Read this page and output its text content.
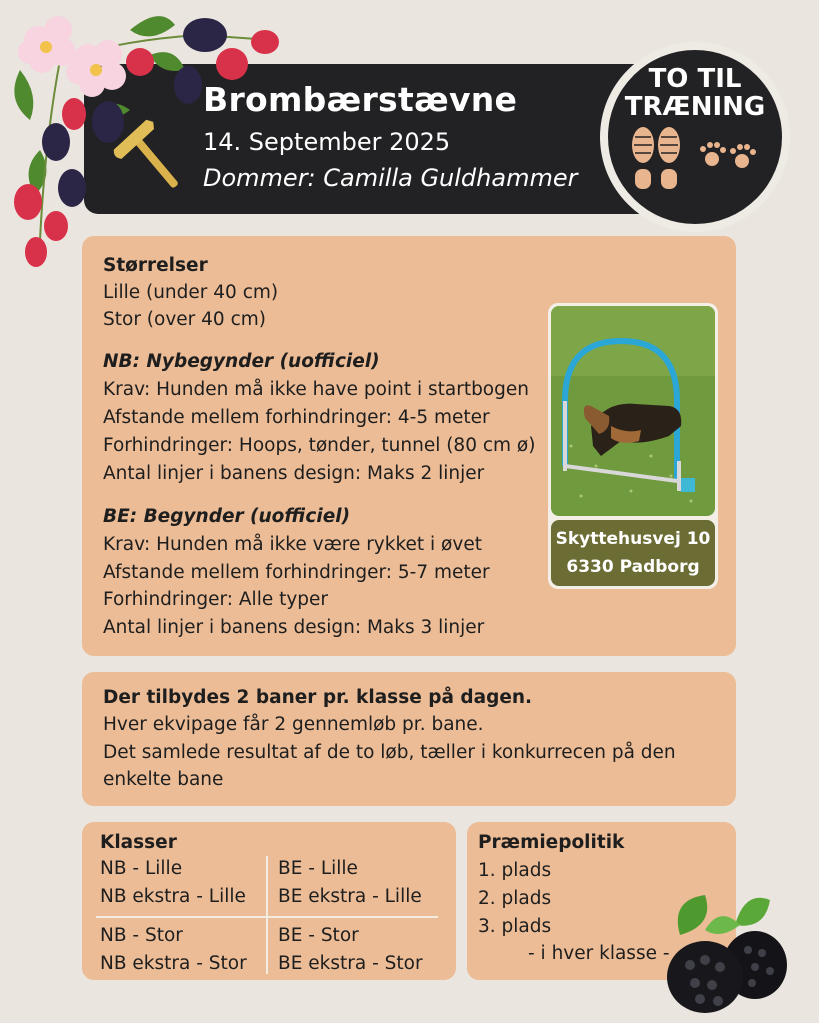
Brombærstævne
14. September 2025
Dommer: Camilla Guldhammer
TO TIL
TRÆNING
Størrelser
Lille (under 40 cm)
Stor (over 40 cm)
NB: Nybegynder (uofficiel)
Krav: Hunden må ikke have point i startbogen
Afstande mellem forhindringer: 4-5 meter
Forhindringer: Hoops, tønder, tunnel (80 cm ø)
Antal linjer i banens design: Maks 2 linjer
BE: Begynder (uofficiel)
Krav: Hunden må ikke være rykket i øvet
Afstande mellem forhindringer: 5-7 meter
Forhindringer: Alle typer
Antal linjer i banens design: Maks 3 linjer
Skyttehusvej 10
6330 Padborg
Der tilbydes 2 baner pr. klasse på dagen.
Hver ekvipage får 2 gennemløb pr. bane.
Det samlede resultat af de to løb, tæller i konkurrecen på den
enkelte bane
Klasser
NB - Lille
NB ekstra - Lille
BE - Lille
BE ekstra - Lille
NB - Stor
NB ekstra - Stor
BE - Stor
BE ekstra - Stor
Præmiepolitik
1. plads
2. plads
3. plads
- i hver klasse -
